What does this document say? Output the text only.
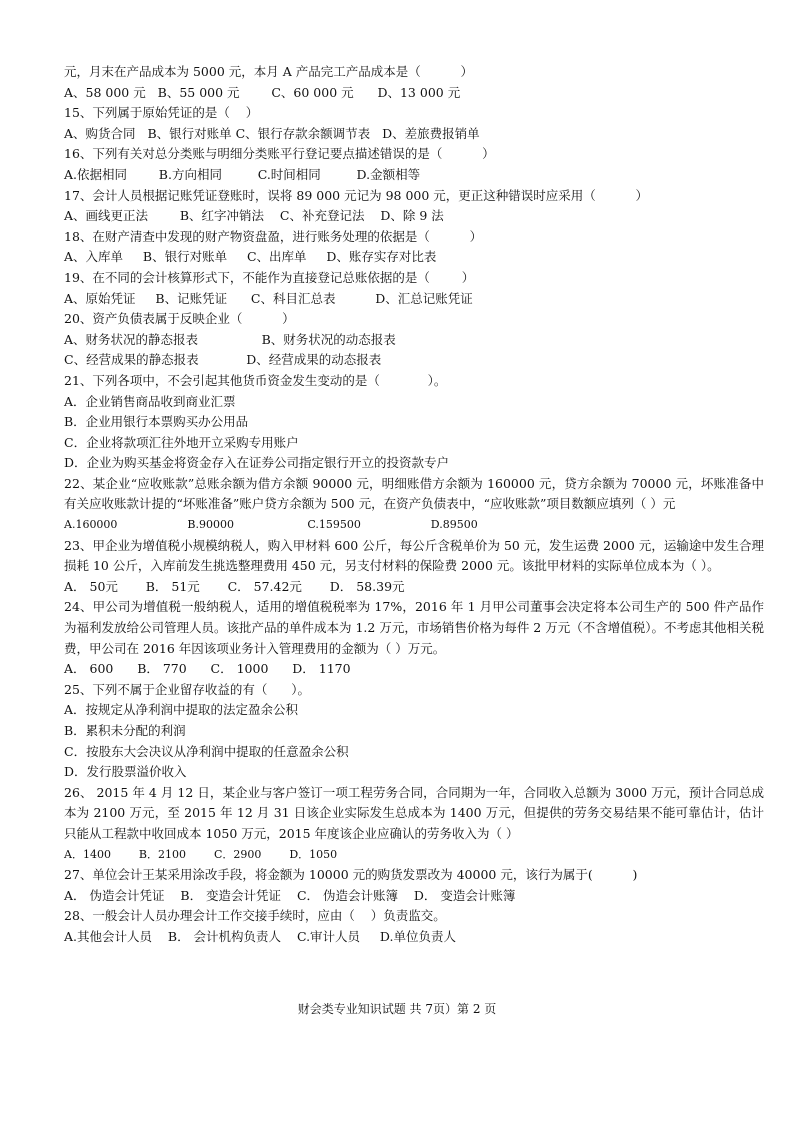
元，月末在产品成本为 5000 元，本月 A 产品完工产品成本是（          ）
A、58 000 元   B、55 000 元        C、60 000 元      D、13 000 元
15、下列属于原始凭证的是（    ）
A、购货合同   B、银行对账单 C、银行存款余额调节表   D、差旅费报销单
16、下列有关对总分类账与明细分类账平行登记要点描述错误的是（          ）
A.依据相同        B.方向相同         C.时间相同         D.金额相等
17、会计人员根据记账凭证登账时，误将 89 000 元记为 98 000 元，更正这种错误时应采用（          ）
A、画线更正法        B、红字冲销法    C、补充登记法    D、除 9 法
18、在财产清查中发现的财产物资盘盈，进行账务处理的依据是（          ）
A、入库单     B、银行对账单     C、出库单     D、账存实存对比表
19、在不同的会计核算形式下，不能作为直接登记总账依据的是（        ）
A、原始凭证     B、记账凭证      C、科目汇总表          D、汇总记账凭证
20、资产负债表属于反映企业（          ）
A、财务状况的静态报表                B、财务状况的动态报表
C、经营成果的静态报表            D、经营成果的动态报表
21、下列各项中，不会引起其他货币资金发生变动的是（            ）。
A．企业销售商品收到商业汇票
B．企业用银行本票购买办公用品
C．企业将款项汇往外地开立采购专用账户
D．企业为购买基金将资金存入在证券公司指定银行开立的投资款专户
22、某企业“应收账款”总账余额为借方余额 90000 元，明细账借方余额为 160000 元，贷方余额为 70000 元，坏账准备中有关应收账款计提的“坏账准备”账户贷方余额为 500 元，在资产负债表中，“应收账款”项目数额应填列（ ）元
A.160000                    B.90000                     C.159500                    D.89500
23、甲企业为增值税小规模纳税人，购入甲材料 600 公斤，每公斤含税单价为 50 元，发生运费 2000 元，运输途中发生合理损耗 10 公斤，入库前发生挑选整理费用 450 元，另支付材料的保险费 2000 元。该批甲材料的实际单位成本为（ ）。
A． 50元       B． 51元       C． 57.42元       D． 58.39元
24、甲公司为增值税一般纳税人，适用的增值税税率为 17%，2016 年 1 月甲公司董事会决定将本公司生产的 500 件产品作为福利发放给公司管理人员。该批产品的单件成本为 1.2 万元，市场销售价格为每件 2 万元（不含增值税）。不考虑其他相关税费，甲公司在 2016 年因该项业务计入管理费用的金额为（ ）万元。
A． 600      B． 770      C． 1000      D． 1170
25、下列不属于企业留存收益的有（      ）。
A．按规定从净利润中提取的法定盈余公积
B．累积未分配的利润
C．按股东大会决议从净利润中提取的任意盈余公积
D．发行股票溢价收入
26、 2015 年 4 月 12 日，某企业与客户签订一项工程劳务合同，合同期为一年，合同收入总额为 3000 万元，预计合同总成本为 2100 万元，至 2015 年 12 月 31 日该企业实际发生总成本为 1400 万元，但提供的劳务交易结果不能可靠估计，估计只能从工程款中收回成本 1050 万元，2015 年度该企业应确认的劳务收入为（ ）
A．1400        B．2100        C．2900        D．1050
27、单位会计王某采用涂改手段，将金额为 10000 元的购货发票改为 40000 元，该行为属于(          )
A． 伪造会计凭证    B． 变造会计凭证    C． 伪造会计账簿    D． 变造会计账簿
28、一般会计人员办理会计工作交接手续时，应由（    ）负责监交。
A.其他会计人员    B． 会计机构负责人    C.审计人员     D.单位负责人
财会类专业知识试题 共 7页）第 2 页
